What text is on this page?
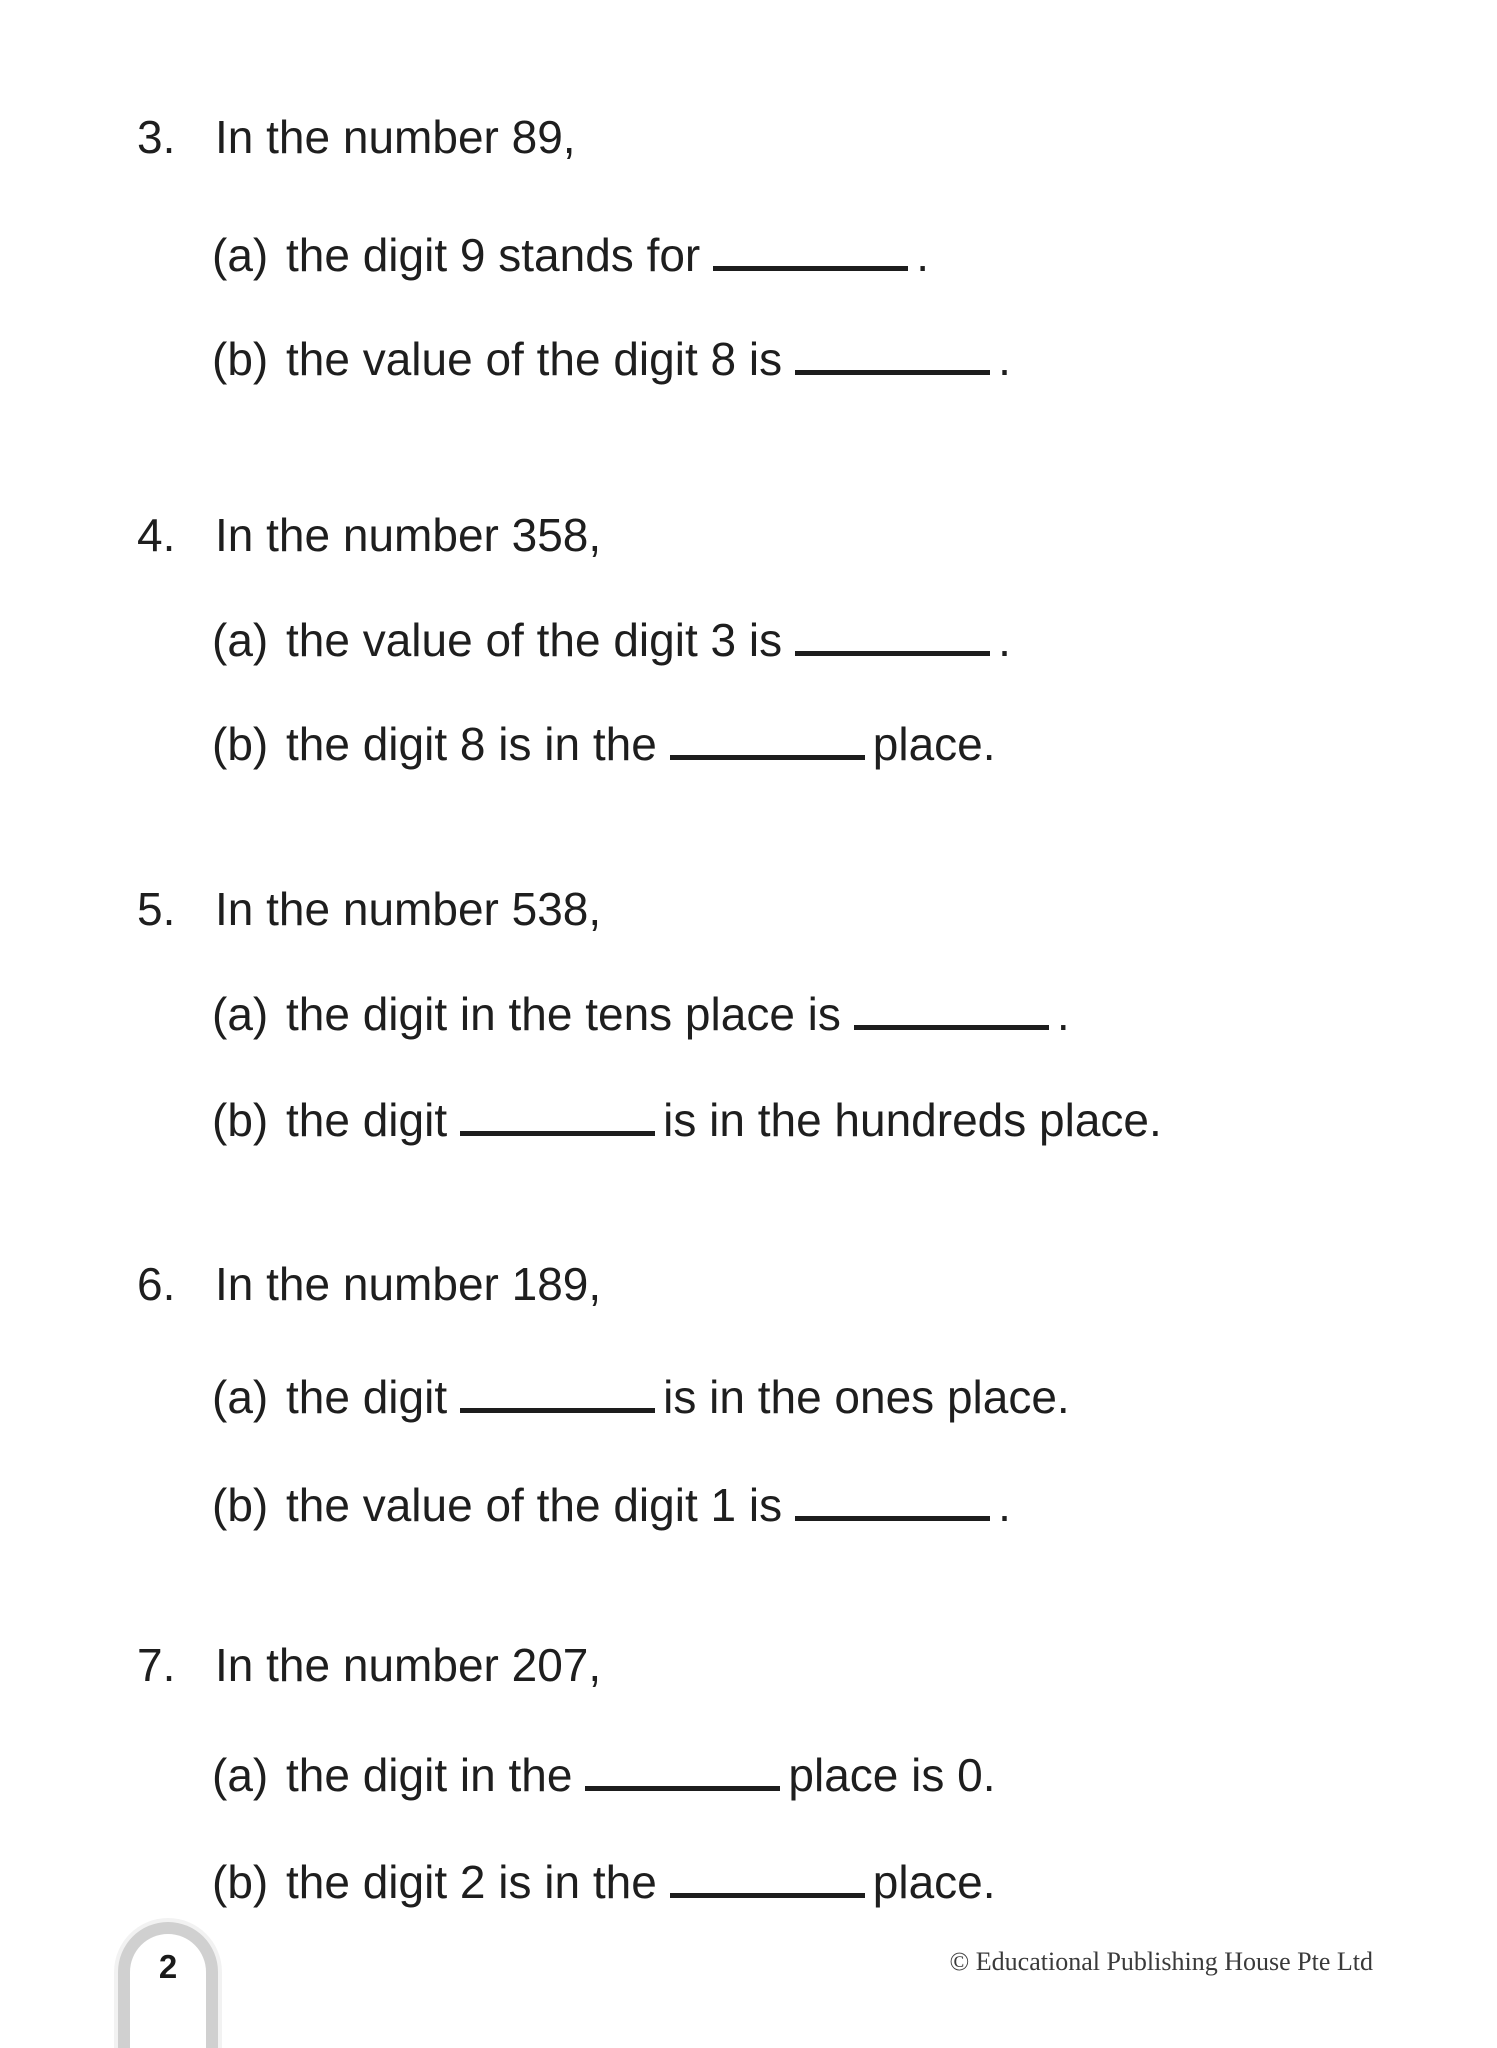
3. In the number 89,
(a) the digit 9 stands for	.
(b) the value of the digit 8 is	.
4. In the number 358,
(a) the value of the digit 3 is	.
(b) the digit 8 is in the	place.
5. In the number 538,
(a) the digit in the tens place is	.
(b) the digit	is in the hundreds place.
6. In the number 189,
(a) the digit	is in the ones place.
(b) the value of the digit 1 is	.
7. In the number 207,
(a) the digit in the	place is 0.
(b) the digit 2 is in the	place.
2	© Educational Publishing House Pte Ltd
